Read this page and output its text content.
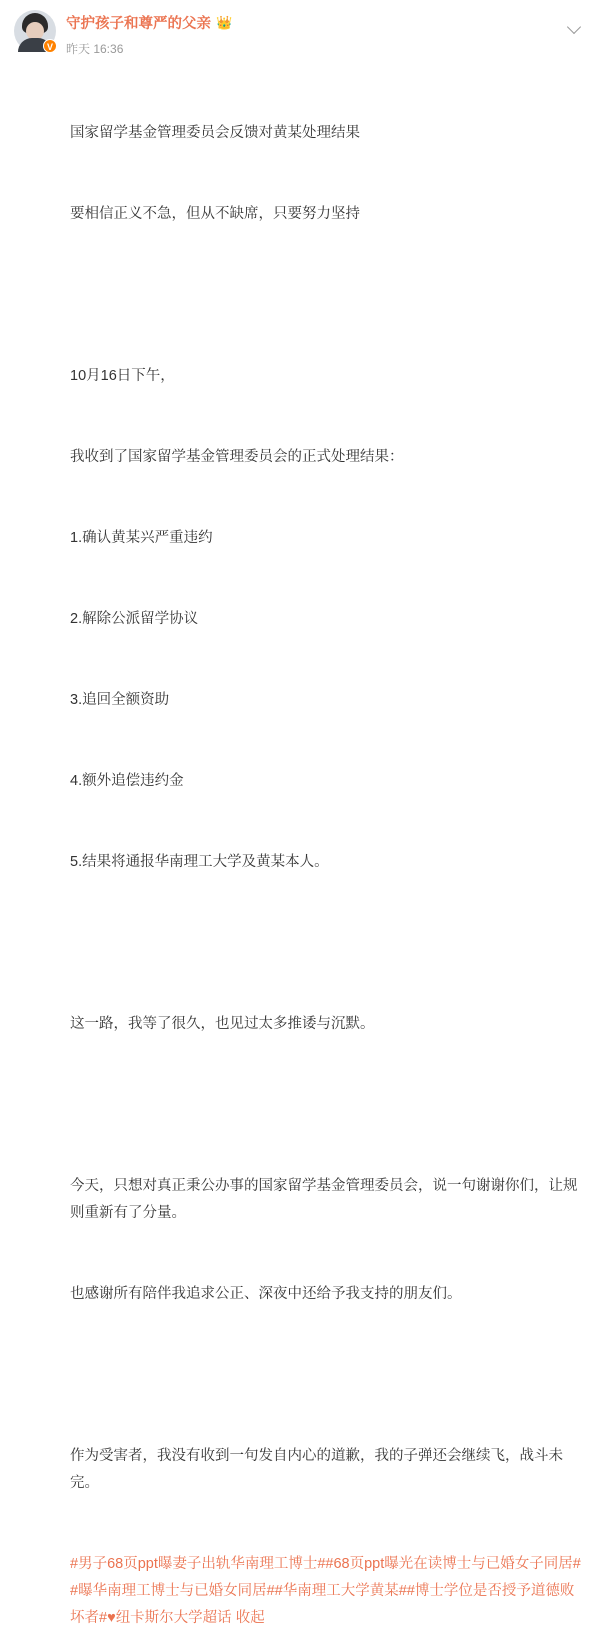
V
守护孩子和尊严的父亲 👑
昨天 16:36

国家留学基金管理委员会反馈对黄某处理结果

要相信正义不急，但从不缺席，只要努力坚持

10月16日下午，

我收到了国家留学基金管理委员会的正式处理结果：

1.确认黄某兴严重违约

2.解除公派留学协议

3.追回全额资助

4.额外追偿违约金

5.结果将通报华南理工大学及黄某本人。

这一路，我等了很久，也见过太多推诿与沉默。

今天，只想对真正秉公办事的国家留学基金管理委员会，说一句谢谢你们，让规则重新有了分量。

也感谢所有陪伴我追求公正、深夜中还给予我支持的朋友们。

作为受害者，我没有收到一句发自内心的道歉，我的子弹还会继续飞，战斗未完。

#男子68页ppt曝妻子出轨华南理工博士##68页ppt曝光在读博士与已婚女子同居##曝华南理工博士与已婚女同居##华南理工大学黄某##博士学位是否授予道德败坏者#♥纽卡斯尔大学超话 收起
